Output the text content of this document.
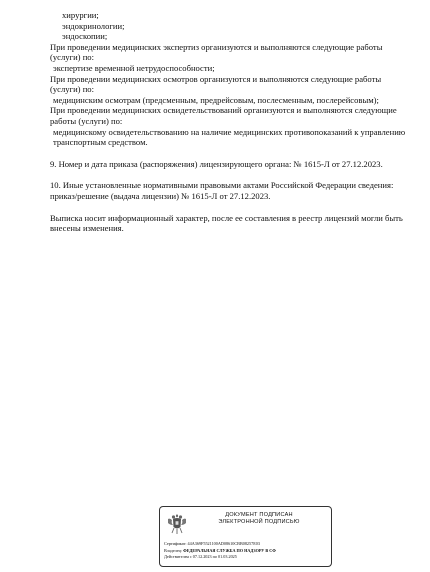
хирургии;
эндокринологии;
эндоскопии;
При проведении медицинских экспертиз организуются и выполняются следующие работы
(услуги) по:
экспертизе временной нетрудоспособности;
При проведении медицинских осмотров организуются и выполняются следующие работы
(услуги) по:
медицинским осмотрам (предсменным, предрейсовым, послесменным, послерейсовым);
При проведении медицинских освидетельствований организуются и выполняются следующие
работы (услуги) по:
медицинскому освидетельствованию на наличие медицинских противопоказаний к управлению
транспортным средством.
9. Номер и дата приказа (распоряжения) лицензирующего органа: № 1615-Л от 27.12.2023.
10. Иные установленные нормативными правовыми актами Российской Федерации сведения:
приказ/решение (выдача лицензии) № 1615-Л от 27.12.2023.
Выписка носит информационный характер, после ее составления в реестр лицензий могли быть
внесены изменения.
ДОКУМЕНТ ПОДПИСАН
ЭЛЕКТРОННОЙ ПОДПИСЬЮ
Сертификат: 44A369F5521100AD08610CBB08257E03
Владелец: ФЕДЕРАЛЬНАЯ СЛУЖБА ПО НАДЗОРУ В СФ
Действителен с 07.12.2023 по 01.03.2025
